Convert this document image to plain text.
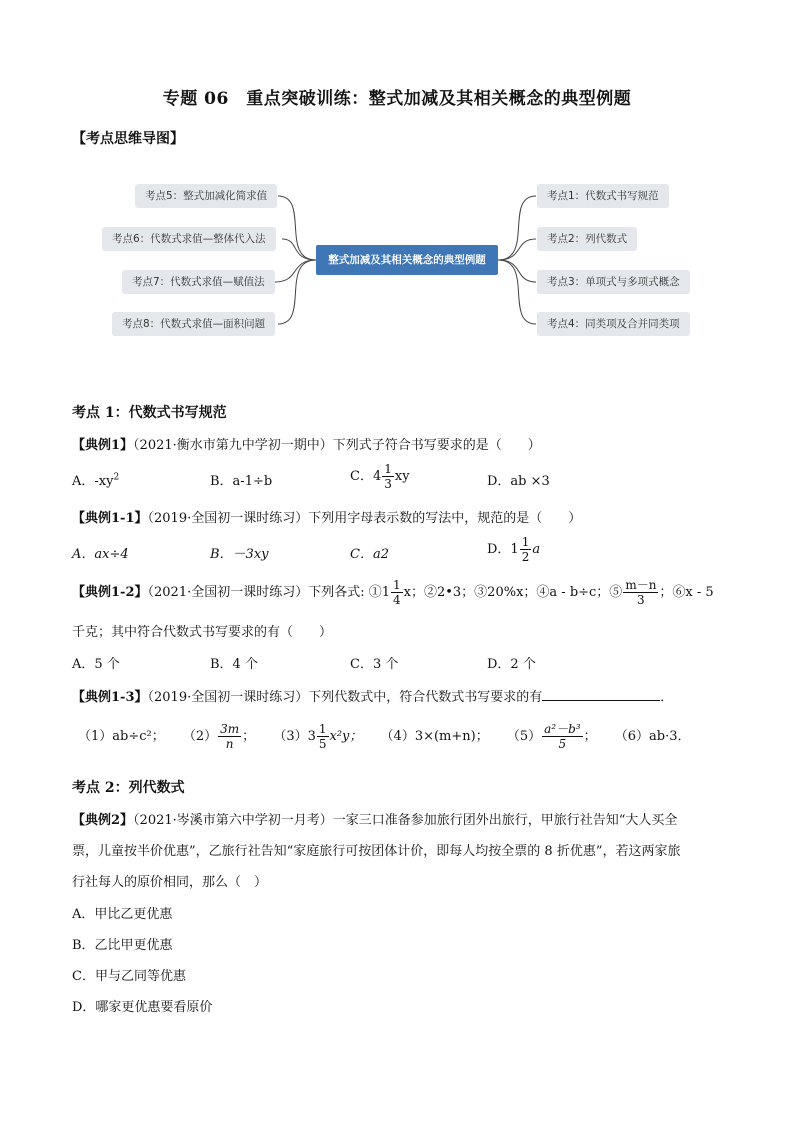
专题 06　重点突破训练：整式加减及其相关概念的典型例题
【考点思维导图】
整式加减及其相关概念的典型例题
考点5：整式加减化简求值
考点6：代数式求值—整体代入法
考点7：代数式求值—赋值法
考点8：代数式求值—面积问题
考点1：代数式书写规范
考点2：列代数式
考点3：单项式与多项式概念
考点4：同类项及合并同类项
考点 1：代数式书写规范
【典例1】（2021·衡水市第九中学初一期中）下列式子符合书写要求的是（　　）
A．$-xy^2$	B．a-1÷b	C．$4 \frac{1}{3}$ xy	D．ab ×3
【典例1-1】（2019·全国初一课时练习）下列用字母表示数的写法中，规范的是（　　）
A．ax÷4	B．－3xy	C．a2	D．$1 \frac{1}{2}$ a
【典例1-2】（2021·全国初一课时练习）下列各式: ①1 $\frac{1}{4}$ x；②2•3；③20%x；④a - b÷c；⑤ $\frac{m-n}{3}$ ；⑥x - 5
千克；其中符合代数式书写要求的有（　　）
A．5 个	B．4 个	C．3 个	D．2 个
【典例1-3】（2019·全国初一课时练习）下列代数式中，符合代数式书写要求的有	．
（1）ab÷c²； $(2) \frac{3m}{n}$ ； $(3)3 \frac{1}{5} x^2y$； （4）3×(m+n)； $(5) \frac{\text{a²－b³}}{5}$ ； （6）ab·3．
考点 2：列代数式
【典例2】（2021·岑溪市第六中学初一月考）一家三口准备参加旅行团外出旅行，甲旅行社告知“大人买全
票，儿童按半价优惠”，乙旅行社告知“家庭旅行可按团体计价，即每人均按全票的 8 折优惠”，若这两家旅
行社每人的原价相同，那么（　）
A．甲比乙更优惠
B．乙比甲更优惠
C．甲与乙同等优惠
D．哪家更优惠要看原价
